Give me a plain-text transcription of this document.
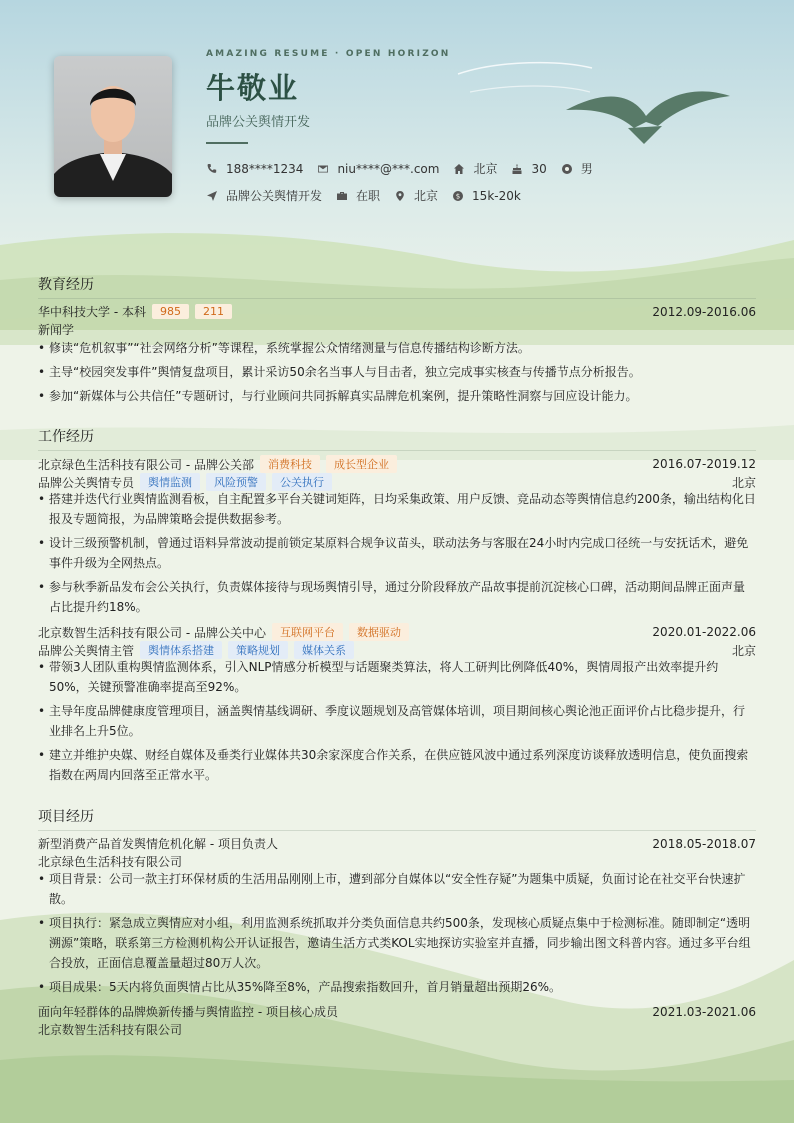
AMAZING RESUME · OPEN HORIZON
牛敬业
品牌公关舆情开发
188****1234	niu****@***.com	北京	30	男
品牌公关舆情开发	在职	北京	$ 15k-20k
教育经历
华中科技大学 - 本科	985	211	2012.09-2016.06
新闻学
• 修读“危机叙事”“社会网络分析”等课程，系统掌握公众情绪测量与信息传播结构诊断方法。
• 主导“校园突发事件”舆情复盘项目，累计采访50余名当事人与目击者，独立完成事实核查与传播节点分析报告。
• 参加“新媒体与公共信任”专题研讨，与行业顾问共同拆解真实品牌危机案例，提升策略性洞察与回应设计能力。
工作经历
北京绿色生活科技有限公司 - 品牌公关部	消费科技	成长型企业	2016.07-2019.12
品牌公关舆情专员	舆情监测	风险预警	公关执行	北京
• 搭建并迭代行业舆情监测看板，自主配置多平台关键词矩阵，日均采集政策、用户反馈、竞品动态等舆情信息约200条，输出结构化日报及专题简报，为品牌策略会提供数据参考。
• 设计三级预警机制，曾通过语料异常波动提前锁定某原料合规争议苗头，联动法务与客服在24小时内完成口径统一与安抚话术，避免事件升级为全网热点。
• 参与秋季新品发布会公关执行，负责媒体接待与现场舆情引导，通过分阶段释放产品故事提前沉淀核心口碑，活动期间品牌正面声量占比提升约18%。
北京数智生活科技有限公司 - 品牌公关中心	互联网平台	数据驱动	2020.01-2022.06
品牌公关舆情主管	舆情体系搭建	策略规划	媒体关系	北京
• 带领3人团队重构舆情监测体系，引入NLP情感分析模型与话题聚类算法，将人工研判比例降低40%，舆情周报产出效率提升约50%，关键预警准确率提高至92%。
• 主导年度品牌健康度管理项目，涵盖舆情基线调研、季度议题规划及高管媒体培训，项目期间核心舆论池正面评价占比稳步提升，行业排名上升5位。
• 建立并维护央媒、财经自媒体及垂类行业媒体共30余家深度合作关系，在供应链风波中通过系列深度访谈释放透明信息，使负面搜索指数在两周内回落至正常水平。
项目经历
新型消费产品首发舆情危机化解 - 项目负责人	2018.05-2018.07
北京绿色生活科技有限公司
• 项目背景：公司一款主打环保材质的生活用品刚刚上市，遭到部分自媒体以“安全性存疑”为题集中质疑，负面讨论在社交平台快速扩散。
• 项目执行：紧急成立舆情应对小组，利用监测系统抓取并分类负面信息共约500条，发现核心质疑点集中于检测标准。随即制定“透明溯源”策略，联系第三方检测机构公开认证报告，邀请生活方式类KOL实地探访实验室并直播，同步输出图文科普内容。通过多平台组合投放，正面信息覆盖量超过80万人次。
• 项目成果：5天内将负面舆情占比从35%降至8%，产品搜索指数回升，首月销量超出预期26%。
面向年轻群体的品牌焕新传播与舆情监控 - 项目核心成员	2021.03-2021.06
北京数智生活科技有限公司
